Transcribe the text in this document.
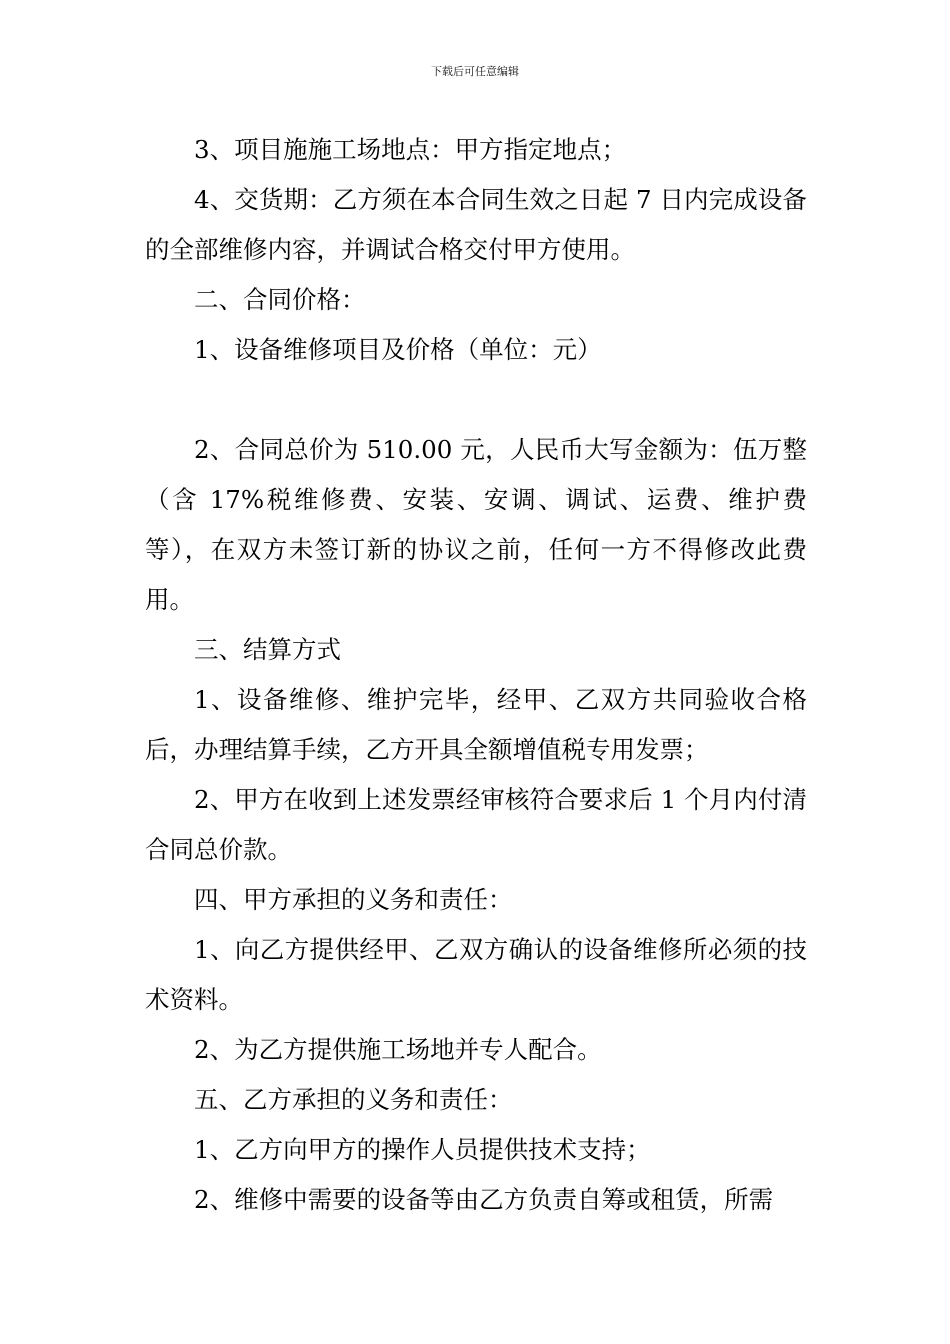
下载后可任意编辑

3、项目施施工场地点：甲方指定地点；

4、交货期：乙方须在本合同生效之日起 7 日内完成设备的全部维修内容，并调试合格交付甲方使用。

二、合同价格：

1、设备维修项目及价格（单位：元）

2、合同总价为 510.00 元，人民币大写金额为：伍万整（含 17%税维修费、安装、安调、调试、运费、维护费等），在双方未签订新的协议之前，任何一方不得修改此费用。

三、结算方式

1、设备维修、维护完毕，经甲、乙双方共同验收合格后，办理结算手续，乙方开具全额增值税专用发票；

2、甲方在收到上述发票经审核符合要求后 1 个月内付清合同总价款。

四、甲方承担的义务和责任：

1、向乙方提供经甲、乙双方确认的设备维修所必须的技术资料。

2、为乙方提供施工场地并专人配合。

五、乙方承担的义务和责任：

1、乙方向甲方的操作人员提供技术支持；

2、维修中需要的设备等由乙方负责自筹或租赁，所需
